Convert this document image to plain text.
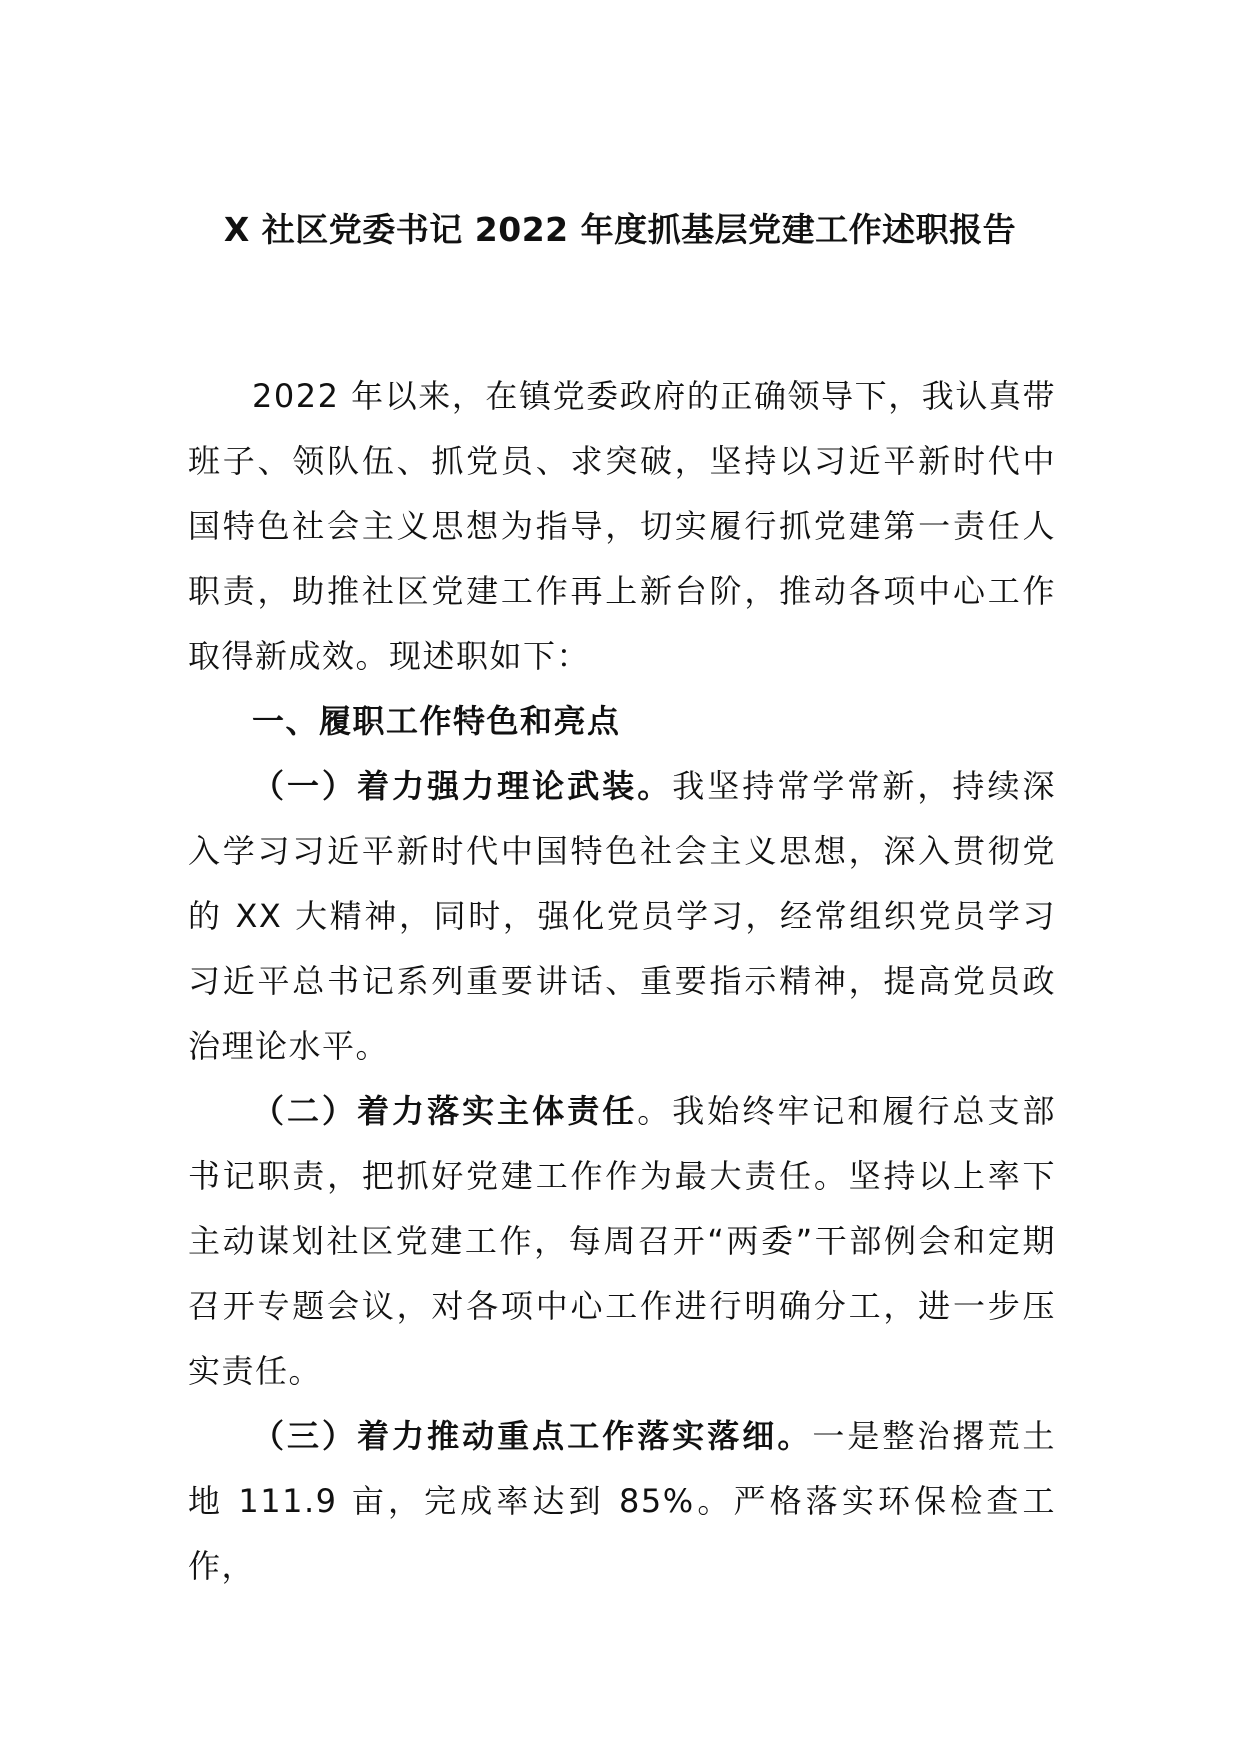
X 社区党委书记 2022 年度抓基层党建工作述职报告

2022 年以来，在镇党委政府的正确领导下，我认真带班子、领队伍、抓党员、求突破，坚持以习近平新时代中国特色社会主义思想为指导，切实履行抓党建第一责任人职责，助推社区党建工作再上新台阶，推动各项中心工作取得新成效。现述职如下：

一、履职工作特色和亮点

（一）着力强力理论武装。我坚持常学常新，持续深入学习习近平新时代中国特色社会主义思想，深入贯彻党的 XX 大精神，同时，强化党员学习，经常组织党员学习习近平总书记系列重要讲话、重要指示精神，提高党员政治理论水平。

（二）着力落实主体责任。我始终牢记和履行总支部书记职责，把抓好党建工作作为最大责任。坚持以上率下主动谋划社区党建工作，每周召开“两委”干部例会和定期召开专题会议，对各项中心工作进行明确分工，进一步压实责任。

（三）着力推动重点工作落实落细。一是整治撂荒土地 111.9 亩，完成率达到 85%。严格落实环保检查工作，
